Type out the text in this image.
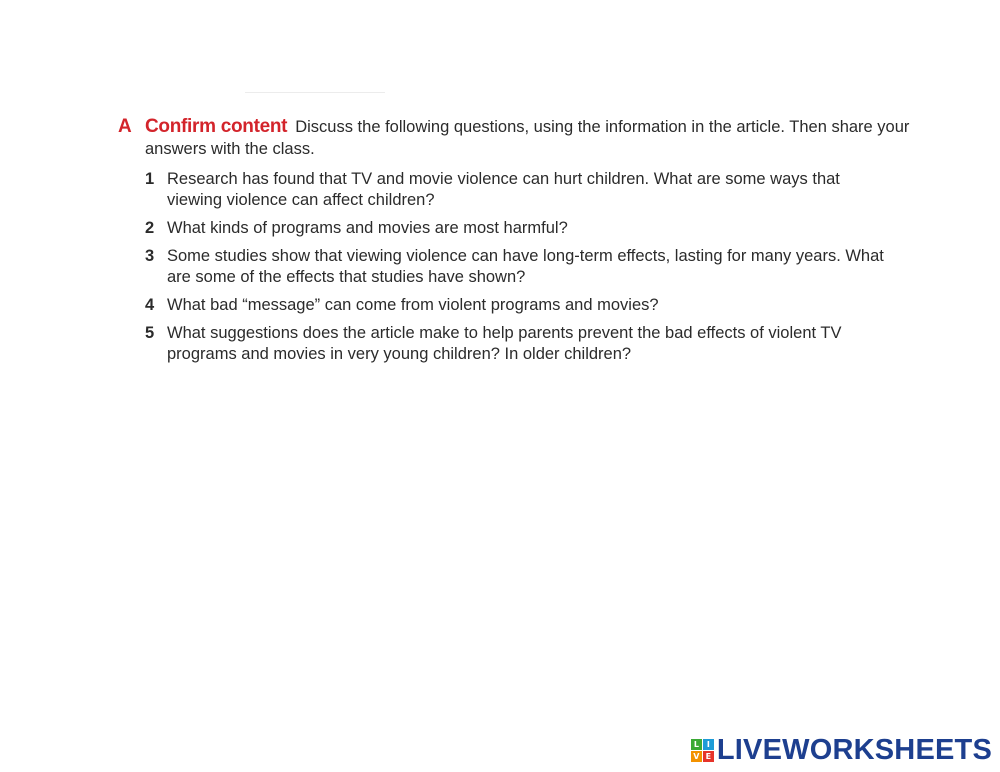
A Confirm content Discuss the following questions, using the information in the article. Then share your answers with the class.
1 Research has found that TV and movie violence can hurt children. What are some ways that viewing violence can affect children?
2 What kinds of programs and movies are most harmful?
3 Some studies show that viewing violence can have long-term effects, lasting for many years. What are some of the effects that studies have shown?
4 What bad “message” can come from violent programs and movies?
5 What suggestions does the article make to help parents prevent the bad effects of violent TV programs and movies in very young children? In older children?
L I
V E LIVEWORKSHEETS
